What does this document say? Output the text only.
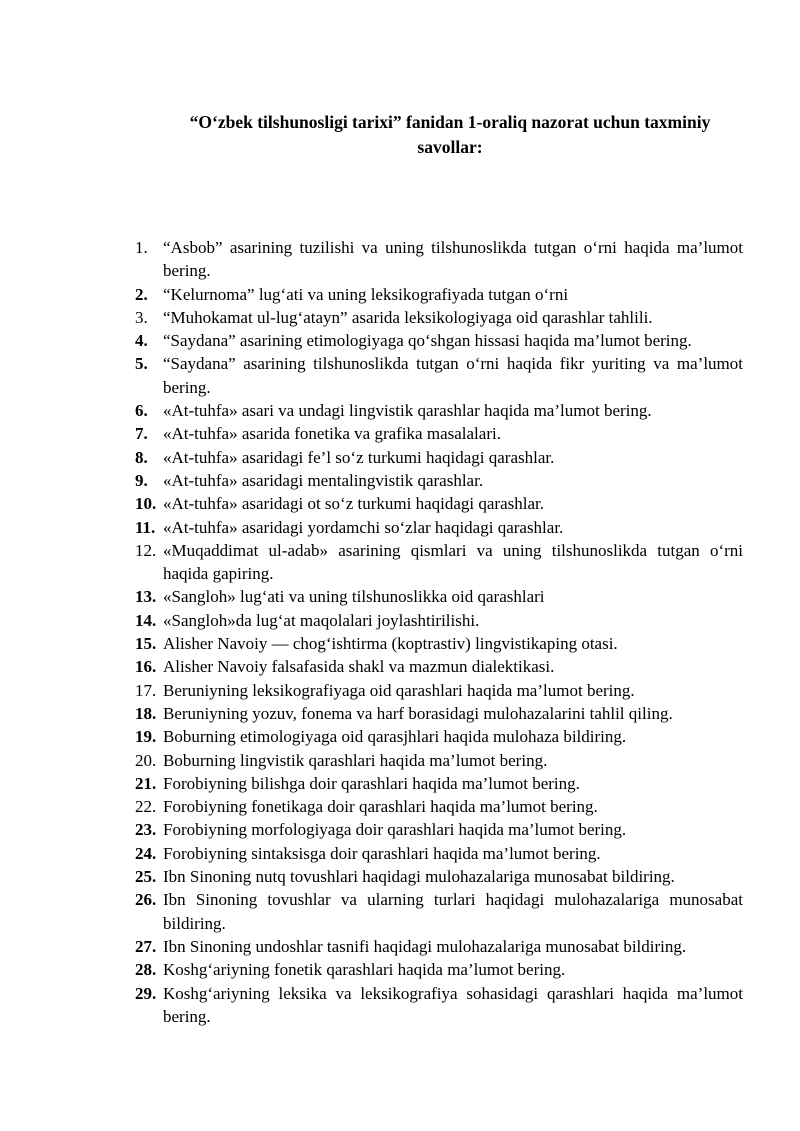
“O‘zbek tilshunosligi tarixi” fanidan 1-oraliq nazorat uchun taxminiy
savollar:
1. “Asbob” asarining tuzilishi va uning tilshunoslikda tutgan o‘rni haqida ma’lumot bering.
2. “Kelurnoma” lug‘ati va uning leksikografiyada tutgan o‘rni
3. “Muhokamat ul-lug‘atayn” asarida leksikologiyaga oid qarashlar tahlili.
4. “Saydana” asarining etimologiyaga qo‘shgan hissasi haqida ma’lumot bering.
5. “Saydana” asarining tilshunoslikda tutgan o‘rni haqida fikr yuriting va ma’lumot bering.
6. «At-tuhfa» asari va undagi lingvistik qarashlar haqida ma’lumot bering.
7. «At-tuhfa» asarida fonetika va grafika masalalari.
8. «At-tuhfa» asaridagi fe’l so‘z turkumi haqidagi qarashlar.
9. «At-tuhfa» asaridagi mentalingvistik qarashlar.
10. «At-tuhfa» asaridagi ot so‘z turkumi haqidagi qarashlar.
11. «At-tuhfa» asaridagi yordamchi so‘zlar haqidagi qarashlar.
12. «Muqaddimat ul-adab» asarining qismlari va uning tilshunoslikda tutgan o‘rni haqida gapiring.
13. «Sangloh» lug‘ati va uning tilshunoslikka oid qarashlari
14. «Sangloh»da lug‘at maqolalari joylashtirilishi.
15. Alisher Navoiy — chog‘ishtirma (koptrastiv) lingvistikaping otasi.
16. Alisher Navoiy falsafasida shakl va mazmun dialektikasi.
17. Beruniyning leksikografiyaga oid qarashlari haqida ma’lumot bering.
18. Beruniyning yozuv, fonema va harf borasidagi mulohazalarini tahlil qiling.
19. Boburning etimologiyaga oid qarasjhlari haqida mulohaza bildiring.
20. Boburning lingvistik qarashlari haqida ma’lumot bering.
21. Forobiyning bilishga doir qarashlari haqida ma’lumot bering.
22. Forobiyning fonetikaga doir qarashlari haqida ma’lumot bering.
23. Forobiyning morfologiyaga doir qarashlari haqida ma’lumot bering.
24. Forobiyning sintaksisga doir qarashlari haqida ma’lumot bering.
25. Ibn Sinoning nutq tovushlari haqidagi mulohazalariga munosabat bildiring.
26. Ibn Sinoning tovushlar va ularning turlari haqidagi mulohazalariga munosabat bildiring.
27. Ibn Sinoning undoshlar tasnifi haqidagi mulohazalariga munosabat bildiring.
28. Koshg‘ariyning fonetik qarashlari haqida ma’lumot bering.
29. Koshg‘ariyning leksika va leksikografiya sohasidagi qarashlari haqida ma’lumot bering.
